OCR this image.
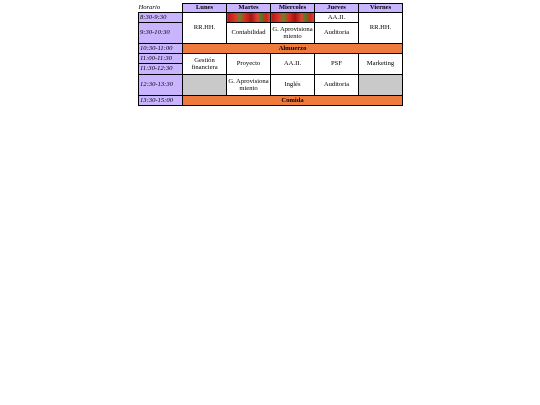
Horario	Lunes	Martes	Miercoles	Jueves	Viernes
8:30-9:30	RR.HH.			AA.II.	RR.HH.
9:30-10:30		Contabilidad	G. Aprovisiona miento	Auditoria	
10:30-11:00	Almuerzo				
11:00-11:30	Gestión financiera	Proyecto	AA.II.	PSF	Marketing
11:30-12:30					
12:30-13:30		G. Aprovisiona miento	Inglés	Auditoria	
13:30-15:00	Comida				
